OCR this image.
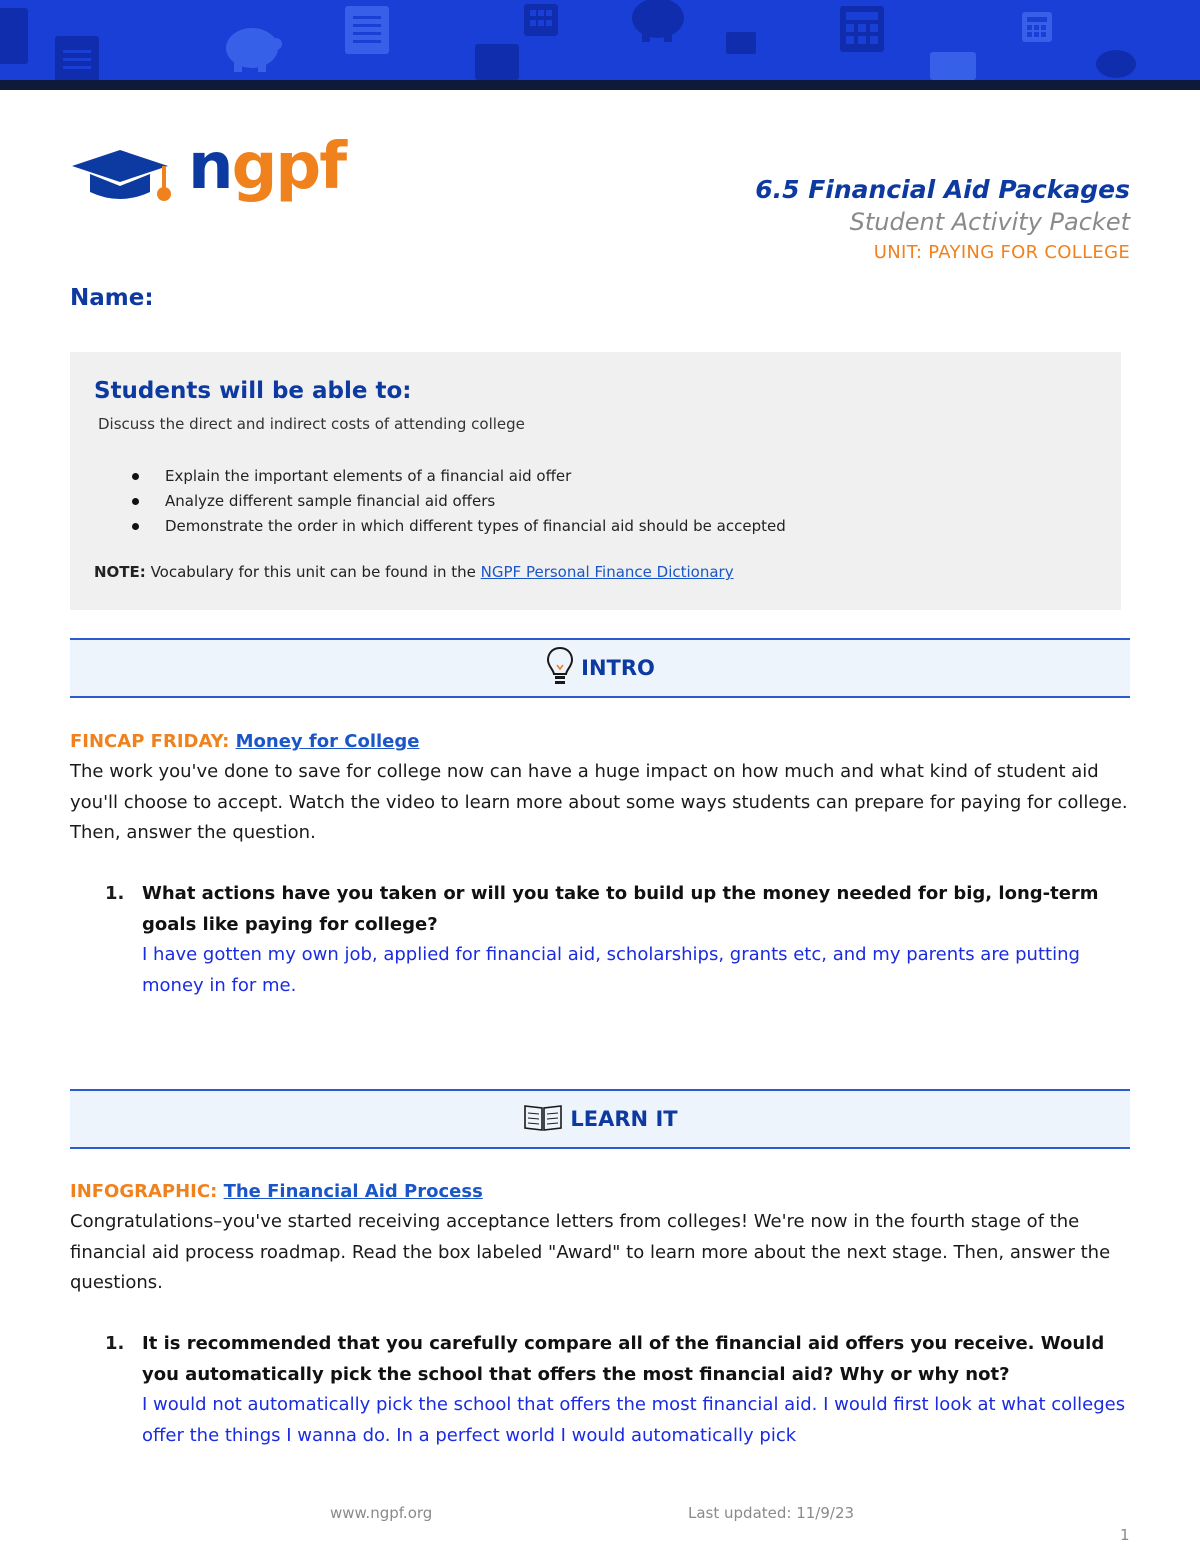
ngpf	6.5 Financial Aid Packages
Student Activity Packet
UNIT: PAYING FOR COLLEGE
Name:
Students will be able to:
Discuss the direct and indirect costs of attending college
Explain the important elements of a financial aid offer
Analyze different sample financial aid offers
Demonstrate the order in which different types of financial aid should be accepted
NOTE: Vocabulary for this unit can be found in the NGPF Personal Finance Dictionary
INTRO
FINCAP FRIDAY: Money for College
The work you've done to save for college now can have a huge impact on how much and what kind of student aid you'll choose to accept. Watch the video to learn more about some ways students can prepare for paying for college. Then, answer the question.
1. What actions have you taken or will you take to build up the money needed for big, long-term goals like paying for college?
I have gotten my own job, applied for financial aid, scholarships, grants etc, and my parents are putting money in for me.
LEARN IT
INFOGRAPHIC: The Financial Aid Process
Congratulations–you've started receiving acceptance letters from colleges! We're now in the fourth stage of the financial aid process roadmap. Read the box labeled "Award" to learn more about the next stage. Then, answer the questions.
1. It is recommended that you carefully compare all of the financial aid offers you receive. Would you automatically pick the school that offers the most financial aid? Why or why not?
I would not automatically pick the school that offers the most financial aid. I would first look at what colleges offer the things I wanna do. In a perfect world I would automatically pick
www.ngpf.org	Last updated: 11/9/23
1
